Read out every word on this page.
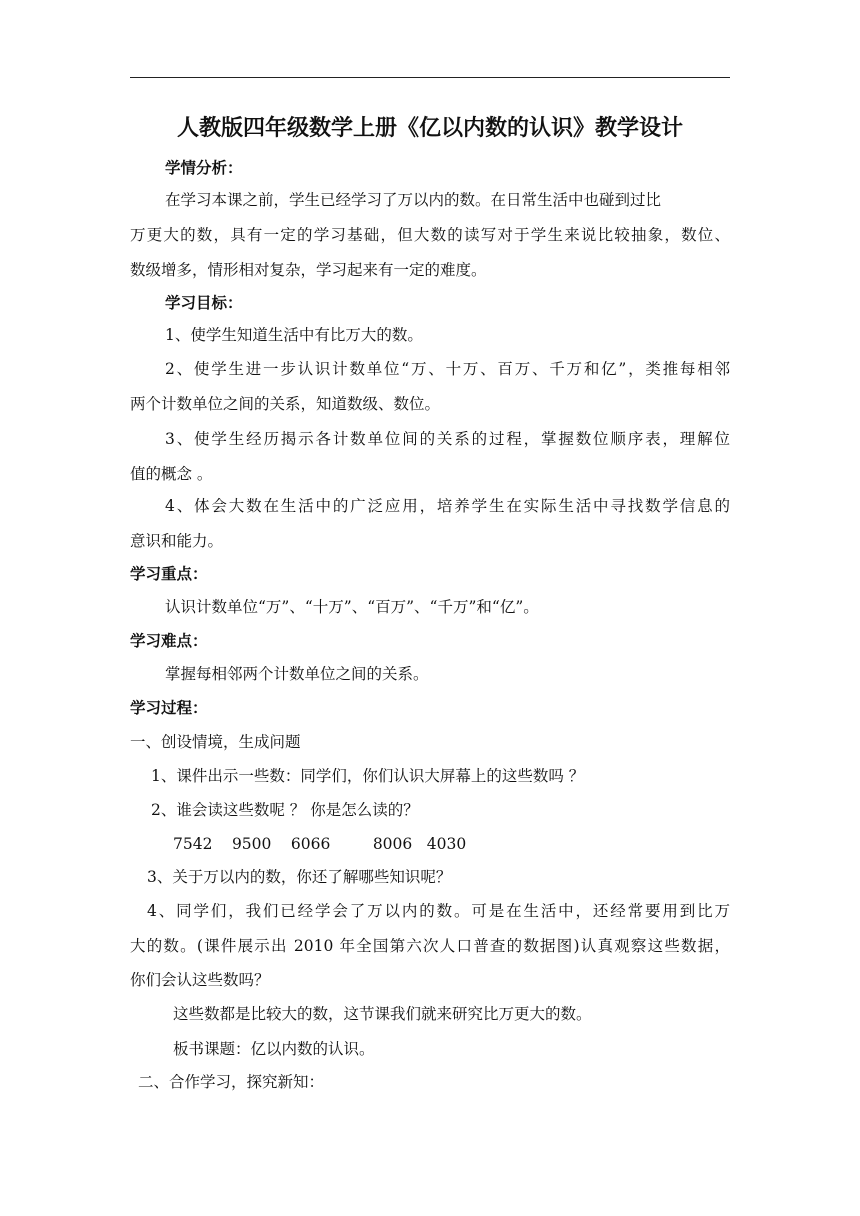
人教版四年级数学上册《亿以内数的认识》教学设计
学情分析：
在学习本课之前，学生已经学习了万以内的数。在日常生活中也碰到过比
万更大的数，具有一定的学习基础，但大数的读写对于学生来说比较抽象，数位、
数级增多，情形相对复杂，学习起来有一定的难度。
学习目标：
1、使学生知道生活中有比万大的数。
2、使学生进一步认识计数单位“万、十万、百万、千万和亿”，类推每相邻
两个计数单位之间的关系，知道数级、数位。
3、使学生经历揭示各计数单位间的关系的过程，掌握数位顺序表，理解位
值的概念 。
4、体会大数在生活中的广泛应用，培养学生在实际生活中寻找数学信息的
意识和能力。
学习重点：
认识计数单位“万”、“十万”、“百万”、“千万”和“亿”。
学习难点：
掌握每相邻两个计数单位之间的关系。
学习过程：
一、创设情境，生成问题
1、课件出示一些数：同学们，你们认识大屏幕上的这些数吗 ？
2、谁会读这些数呢 ？ 你是怎么读的？
7542 9500 6066	8006 4030
3、关于万以内的数，你还了解哪些知识呢？
4、同学们，我们已经学会了万以内的数。可是在生活中，还经常要用到比万
大的数。(课件展示出 2010 年全国第六次人口普查的数据图)认真观察这些数据，
你们会认这些数吗？
这些数都是比较大的数，这节课我们就来研究比万更大的数。
板书课题：亿以内数的认识。
二、合作学习，探究新知：
